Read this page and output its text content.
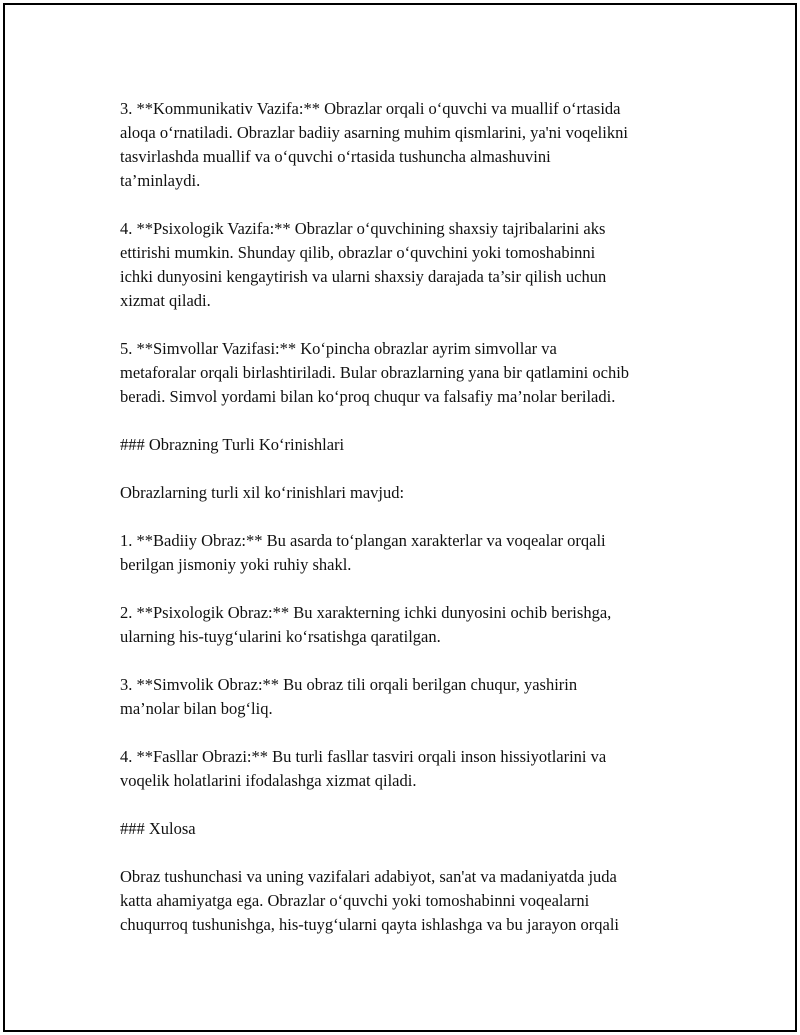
3. **Kommunikativ Vazifa:** Obrazlar orqali o‘quvchi va muallif o‘rtasida
aloqa o‘rnatiladi. Obrazlar badiiy asarning muhim qismlarini, ya'ni voqelikni
tasvirlashda muallif va o‘quvchi o‘rtasida tushuncha almashuvini
ta’minlaydi.

4. **Psixologik Vazifa:** Obrazlar o‘quvchining shaxsiy tajribalarini aks
ettirishi mumkin. Shunday qilib, obrazlar o‘quvchini yoki tomoshabinni
ichki dunyosini kengaytirish va ularni shaxsiy darajada ta’sir qilish uchun
xizmat qiladi.

5. **Simvollar Vazifasi:** Ko‘pincha obrazlar ayrim simvollar va
metaforalar orqali birlashtiriladi. Bular obrazlarning yana bir qatlamini ochib
beradi. Simvol yordami bilan ko‘proq chuqur va falsafiy ma’nolar beriladi.

### Obrazning Turli Ko‘rinishlari

Obrazlarning turli xil ko‘rinishlari mavjud:

1. **Badiiy Obraz:** Bu asarda to‘plangan xarakterlar va voqealar orqali
berilgan jismoniy yoki ruhiy shakl.

2. **Psixologik Obraz:** Bu xarakterning ichki dunyosini ochib berishga,
ularning his-tuyg‘ularini ko‘rsatishga qaratilgan.

3. **Simvolik Obraz:** Bu obraz tili orqali berilgan chuqur, yashirin
ma’nolar bilan bog‘liq.

4. **Fasllar Obrazi:** Bu turli fasllar tasviri orqali inson hissiyotlarini va
voqelik holatlarini ifodalashga xizmat qiladi.

### Xulosa

Obraz tushunchasi va uning vazifalari adabiyot, san'at va madaniyatda juda
katta ahamiyatga ega. Obrazlar o‘quvchi yoki tomoshabinni voqealarni
chuqurroq tushunishga, his-tuyg‘ularni qayta ishlashga va bu jarayon orqali
